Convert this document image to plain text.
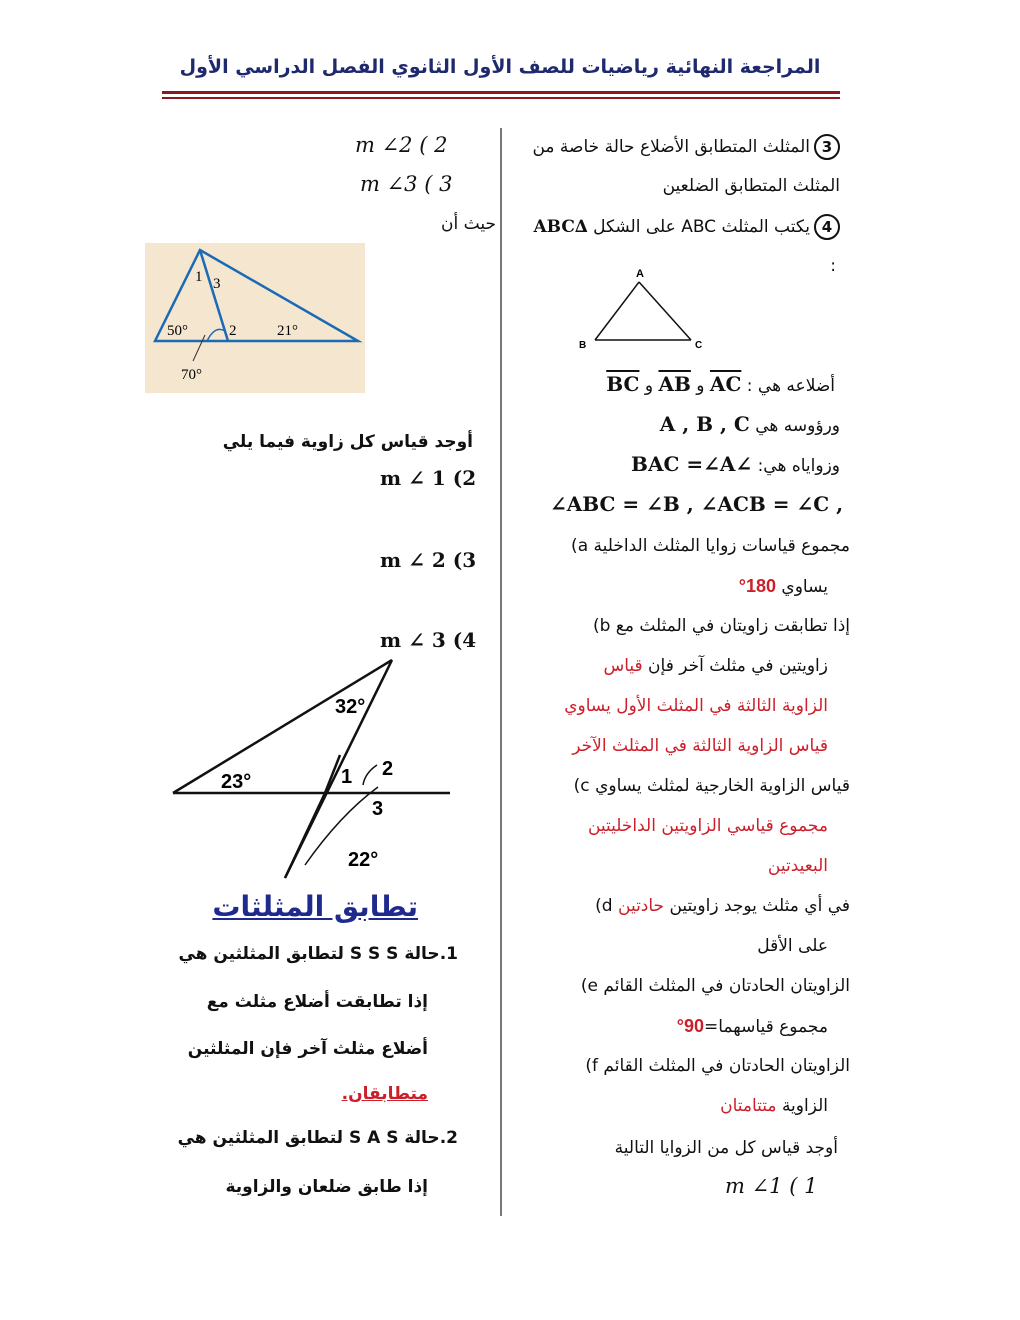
المراجعة النهائية رياضيات للصف الأول الثانوي الفصل الدراسي الأول
3المثلث المتطابق الأضلاع حالة خاصة من
المثلث المتطابق الضلعين
4يكتب المثلث ABC على الشكل ∆ABC
:
A
B	C
أضلاعه هي : $\overline{AC}$ و $\overline{AB}$ و $\overline{BC}$
ورؤوسه هي A , B , C
وزواياه هي: ∠BAC =∠A
∠ABC = ∠B , ∠ACB = ∠C ,
مجموع قياسات زوايا المثلث الداخلية a)
يساوي 180°
إذا تطابقت زاويتان في المثلث مع b)
زاويتين في مثلث آخر فإن قياس
الزاوية الثالثة في المثلث الأول يساوي
قياس الزاوية الثالثة في المثلث الآخر
قياس الزاوية الخارجية لمثلث يساوي c)
مجموع قياسي الزاويتين الداخليتين
البعيدتين
في أي مثلث يوجد زاويتين حادتين d)
على الأقل
الزاويتان الحادتان في المثلث القائم e)
مجموع قياسهما=90°
الزاويتان الحادتان في المثلث القائم f)
الزاوية متتامتان
أوجد قياس كل من الزوايا التالية
m ∠1 ( 1
m ∠2 ( 2
m ∠3 ( 3
حيث أن
1 3
50°	2	21°
70°
أوجد قياس كل زاوية فيما يلي
m ∠ 1 (2
m ∠ 2 (3
m ∠ 3 (4
32°
23°	1 2
3
22°
تطابق المثلثات
1.حالة S S S لتطابق المثلثين هي
إذا تطابقت أضلاع مثلث مع
أضلاع مثلث آخر فإن المثلثين
متطابقان.
2.حالة S A S لتطابق المثلثين هي
إذا طابق ضلعان والزاوية
